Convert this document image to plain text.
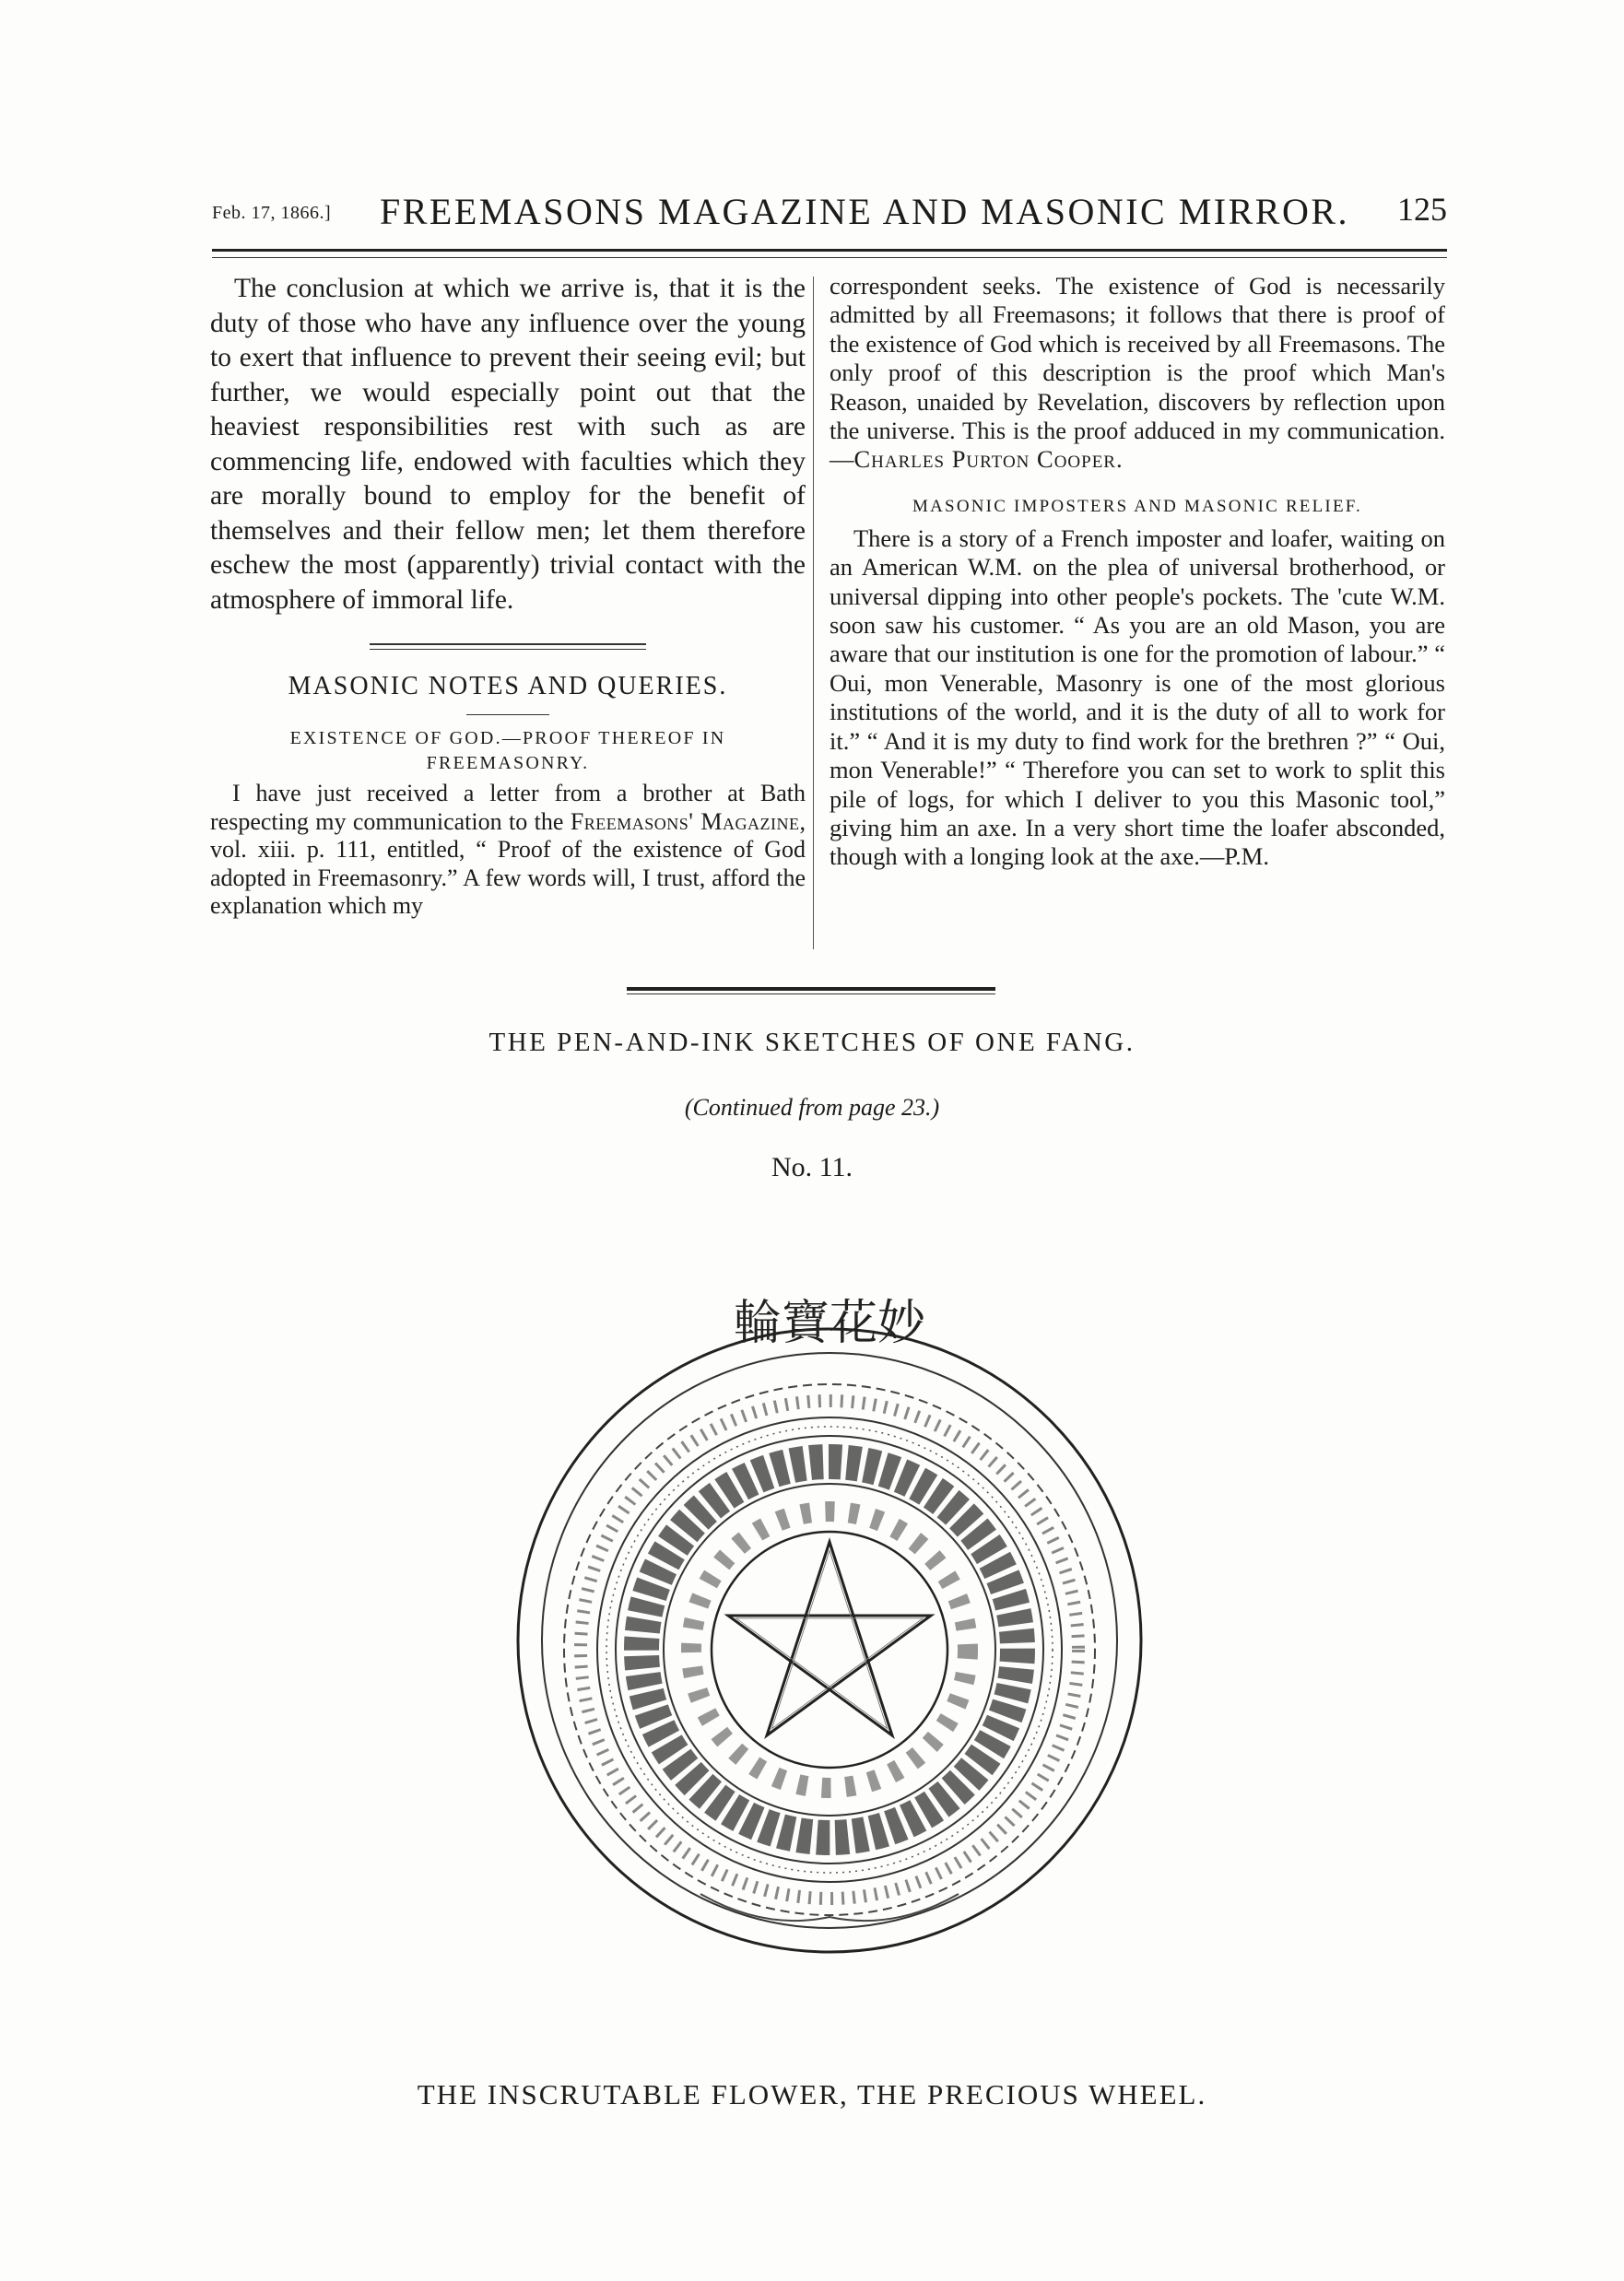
Feb. 17, 1866.] FREEMASONS MAGAZINE AND MASONIC MIRROR. 125

The conclusion at which we arrive is, that it is the duty of those who have any influence over the young to exert that influence to prevent their seeing evil; but further, we would especially point out that the heaviest responsibilities rest with such as are commencing life, endowed with faculties which they are morally bound to employ for the benefit of themselves and their fellow men; let them therefore eschew the most (apparently) trivial contact with the atmosphere of immoral life.

MASONIC NOTES AND QUERIES.

EXISTENCE OF GOD.—PROOF THEREOF IN FREEMASONRY.

I have just received a letter from a brother at Bath respecting my communication to the Freemasons' Magazine, vol. xiii. p. 111, entitled, “ Proof of the existence of God adopted in Freemasonry.” A few words will, I trust, afford the explanation which my

correspondent seeks. The existence of God is necessarily admitted by all Freemasons; it follows that there is proof of the existence of God which is received by all Freemasons. The only proof of this description is the proof which Man's Reason, unaided by Revelation, discovers by reflection upon the universe. This is the proof adduced in my communication.—Charles Purton Cooper.

MASONIC IMPOSTERS AND MASONIC RELIEF.

There is a story of a French imposter and loafer, waiting on an American W.M. on the plea of universal brotherhood, or universal dipping into other people's pockets. The 'cute W.M. soon saw his customer. “ As you are an old Mason, you are aware that our institution is one for the promotion of labour.” “ Oui, mon Venerable, Masonry is one of the most glorious institutions of the world, and it is the duty of all to work for it.” “ And it is my duty to find work for the brethren ?” “ Oui, mon Venerable!” “ Therefore you can set to work to split this pile of logs, for which I deliver to you this Masonic tool,” giving him an axe. In a very short time the loafer absconded, though with a longing look at the axe.—P.M.

THE PEN-AND-INK SKETCHES OF ONE FANG.
(Continued from page 23.)
No. 11.
輪寶花妙
THE INSCRUTABLE FLOWER, THE PRECIOUS WHEEL.
